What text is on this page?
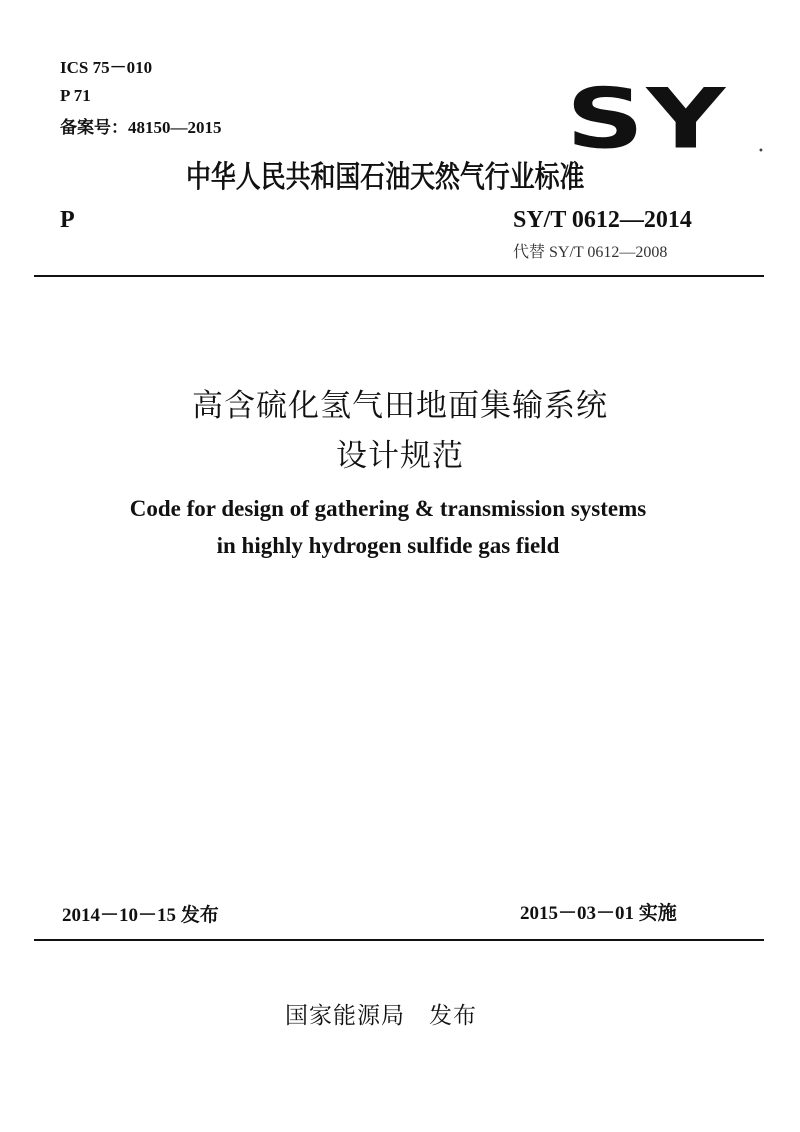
ICS 75－010
P 71
备案号：48150—2015	SY	•
中华人民共和国石油天然气行业标准
P	SY/T 0612—2014
代替 SY/T 0612—2008
高含硫化氢气田地面集输系统
设计规范
Code for design of gathering & transmission systems
in highly hydrogen sulfide gas field
2014－10－15 发布	2015－03－01 实施
国家能源局　发布
